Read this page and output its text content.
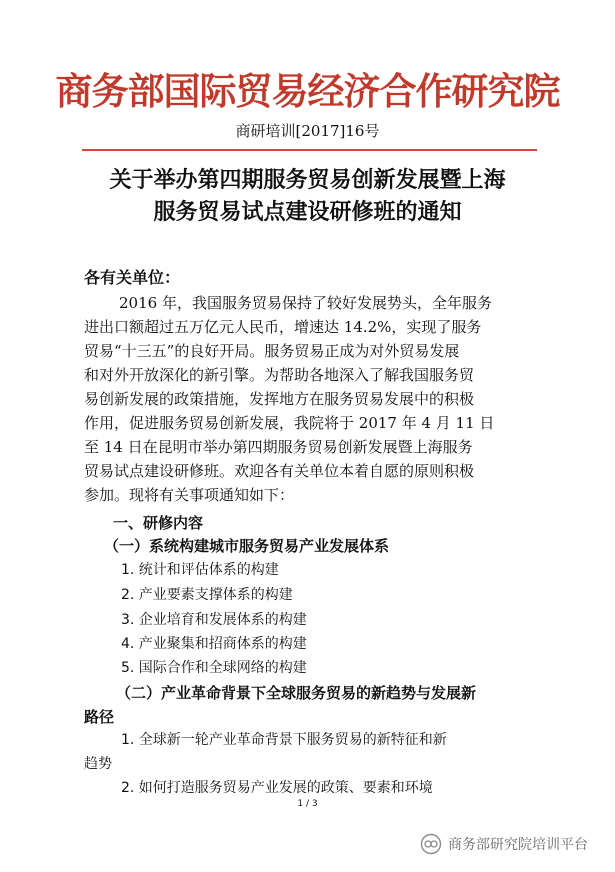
商务部国际贸易经济合作研究院
商研培训[2017]16号
关于举办第四期服务贸易创新发展暨上海
服务贸易试点建设研修班的通知
各有关单位：
2016 年，我国服务贸易保持了较好发展势头，全年服务
进出口额超过五万亿元人民币，增速达 14.2%，实现了服务
贸易“十三五”的良好开局。服务贸易正成为对外贸易发展
和对外开放深化的新引擎。为帮助各地深入了解我国服务贸
易创新发展的政策措施，发挥地方在服务贸易发展中的积极
作用，促进服务贸易创新发展，我院将于 2017 年 4 月 11 日
至 14 日在昆明市举办第四期服务贸易创新发展暨上海服务
贸易试点建设研修班。欢迎各有关单位本着自愿的原则积极
参加。现将有关事项通知如下：
一、研修内容
（一）系统构建城市服务贸易产业发展体系
1. 统计和评估体系的构建
2. 产业要素支撑体系的构建
3. 企业培育和发展体系的构建
4. 产业聚集和招商体系的构建
5. 国际合作和全球网络的构建
（二）产业革命背景下全球服务贸易的新趋势与发展新
路径
1. 全球新一轮产业革命背景下服务贸易的新特征和新
趋势
2. 如何打造服务贸易产业发展的政策、要素和环境
1 / 3
商务部研究院培训平台
